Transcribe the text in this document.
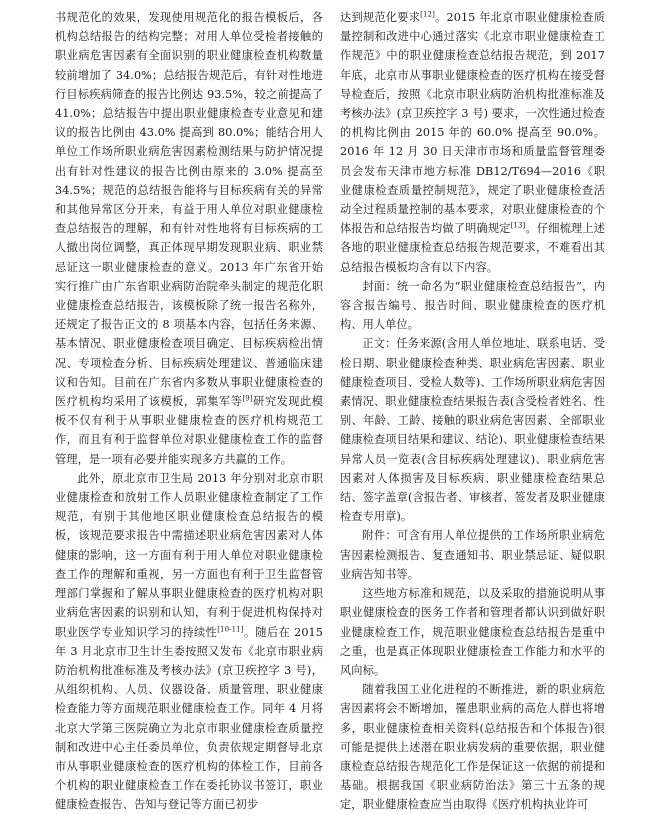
书规范化的效果，发现使用规范化的报告模板后，各机构总结报告的结构完整；对用人单位受检者接触的职业病危害因素有全面识别的职业健康检查机构数量较前增加了 34.0%；总结报告规范后，有针对性地进行目标疾病筛查的报告比例达 93.5%，较之前提高了 41.0%；总结报告中提出职业健康检查专业意见和建议的报告比例由 43.0% 提高到 80.0%；能结合用人单位工作场所职业病危害因素检测结果与防护情况提出有针对性建议的报告比例由原来的 3.0% 提高至 34.5%；规范的总结报告能将与目标疾病有关的异常和其他异常区分开来，有益于用人单位对职业健康检查总结报告的理解，和有针对性地将有目标疾病的工人撤出岗位调整，真正体现早期发现职业病、职业禁忌证这一职业健康检查的意义。2013 年广东省开始实行推广由广东省职业病防治院牵头制定的规范化职业健康检查总结报告，该模板除了统一报告名称外，还规定了报告正文的 8 项基本内容，包括任务来源、基本情况、职业健康检查项目确定、目标疾病检出情况、专项检查分析、目标疾病处理建议、普通临床建议和告知。目前在广东省内多数从事职业健康检查的医疗机构均采用了该模板，郭集军等[9]研究发现此模板不仅有利于从事职业健康检查的医疗机构规范工作，而且有利于监督单位对职业健康检查工作的监督管理，是一项有必要并能实现多方共赢的工作。

此外，原北京市卫生局 2013 年分别对北京市职业健康检查和放射工作人员职业健康检查制定了工作规范，有别于其他地区职业健康检查总结报告的模板，该规范要求报告中需描述职业病危害因素对人体健康的影响，这一方面有利于用人单位对职业健康检查工作的理解和重视，另一方面也有利于卫生监督管理部门掌握和了解从事职业健康检查的医疗机构对职业病危害因素的识别和认知，有利于促进机构保持对职业医学专业知识学习的持续性[10-11]。随后在 2015 年 3 月北京市卫生计生委按照又发布《北京市职业病防治机构批准标准及考核办法》(京卫疾控字 3 号)，从组织机构、人员、仪器设备、质量管理、职业健康检查能力等方面规范职业健康检查工作。同年 4 月将北京大学第三医院确立为北京市职业健康检查质量控制和改进中心主任委员单位，负责依规定期督导北京市从事职业健康检查的医疗机构的体检工作，目前各个机构的职业健康检查工作在委托协议书签订，职业健康检查报告、告知与登记等方面已初步

达到规范化要求[12]。2015 年北京市职业健康检查质量控制和改进中心通过落实《北京市职业健康检查工作规范》中的职业健康检查总结报告规范，到 2017 年底，北京市从事职业健康检查的医疗机构在接受督导检查后，按照《北京市职业病防治机构批准标准及考核办法》(京卫疾控字 3 号) 要求，一次性通过检查的机构比例由 2015 年的 60.0% 提高至 90.0%。2016 年 12 月 30 日天津市市场和质量监督管理委员会发布天津市地方标准 DB12/T694—2016《职业健康检查质量控制规范》，规定了职业健康检查活动全过程质量控制的基本要求，对职业健康检查的个体报告和总结报告均做了明确规定[13]。仔细梳理上述各地的职业健康检查总结报告规范要求，不难看出其总结报告模板均含有以下内容。

封面：统一命名为“职业健康检查总结报告”，内容含报告编号、报告时间、职业健康检查的医疗机构、用人单位。

正文：任务来源(含用人单位地址、联系电话、受检日期、职业健康检查种类、职业病危害因素、职业健康检查项目、受检人数等)、工作场所职业病危害因素情况、职业健康检查结果报告表(含受检者姓名、性别、年龄、工龄、接触的职业病危害因素、全部职业健康检查项目结果和建议、结论)、职业健康检查结果异常人员一览表(含目标疾病处理建议)、职业病危害因素对人体损害及目标疾病、职业健康检查结果总结、签字盖章(含报告者、审核者、签发者及职业健康检查专用章)。

附件：可含有用人单位提供的工作场所职业病危害因素检测报告、复查通知书、职业禁忌证、疑似职业病告知书等。

这些地方标准和规范，以及采取的措施说明从事职业健康检查的医务工作者和管理者都认识到做好职业健康检查工作，规范职业健康检查总结报告是重中之重，也是真正体现职业健康检查工作能力和水平的风向标。

随着我国工业化进程的不断推进，新的职业病危害因素将会不断增加，罹患职业病的高危人群也将增多，职业健康检查相关资料(总结报告和个体报告)很可能是提供上述潜在职业病发病的重要依据，职业健康检查总结报告规范化工作是保证这一依据的前提和基础。根据我国《职业病防治法》第三十五条的规定，职业健康检查应当由取得《医疗机构执业许可
